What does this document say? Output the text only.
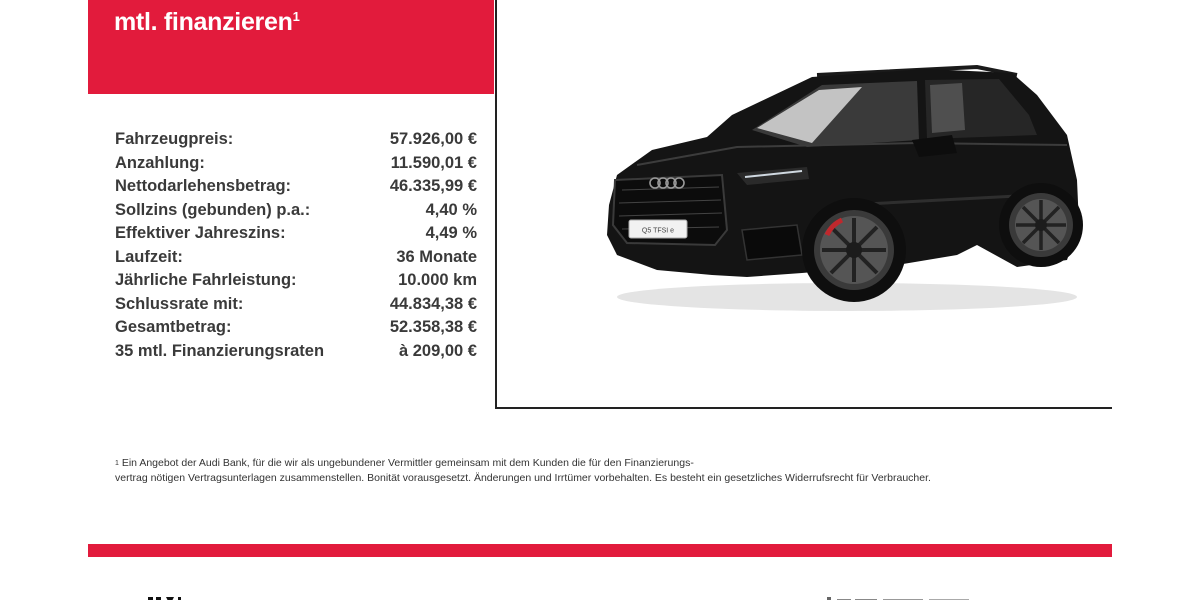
mtl. finanzieren$^1$
Fahrzeugpreis:	57.926,00 €
Anzahlung:	11.590,01 €
Nettodarlehensbetrag:	46.335,99 €
Sollzins (gebunden) p.a.:	4,40 %
Effektiver Jahreszins:	4,49 %
Laufzeit:	36 Monate
Jährliche Fahrleistung:	10.000 km
Schlussrate mit:	44.834,38 €
Gesamtbetrag:	52.358,38 €
35 mtl. Finanzierungsraten	à 209,00 €
Q5 TFSI e
$^1$ Ein Angebot der Audi Bank, für die wir als ungebundener Vermittler gemeinsam mit dem Kunden die für den Finanzierungs-
vertrag nötigen Vertragsunterlagen zusammenstellen. Bonität vorausgesetzt. Änderungen und Irrtümer vorbehalten. Es besteht ein gesetzliches Widerrufsrecht für Verbraucher.
